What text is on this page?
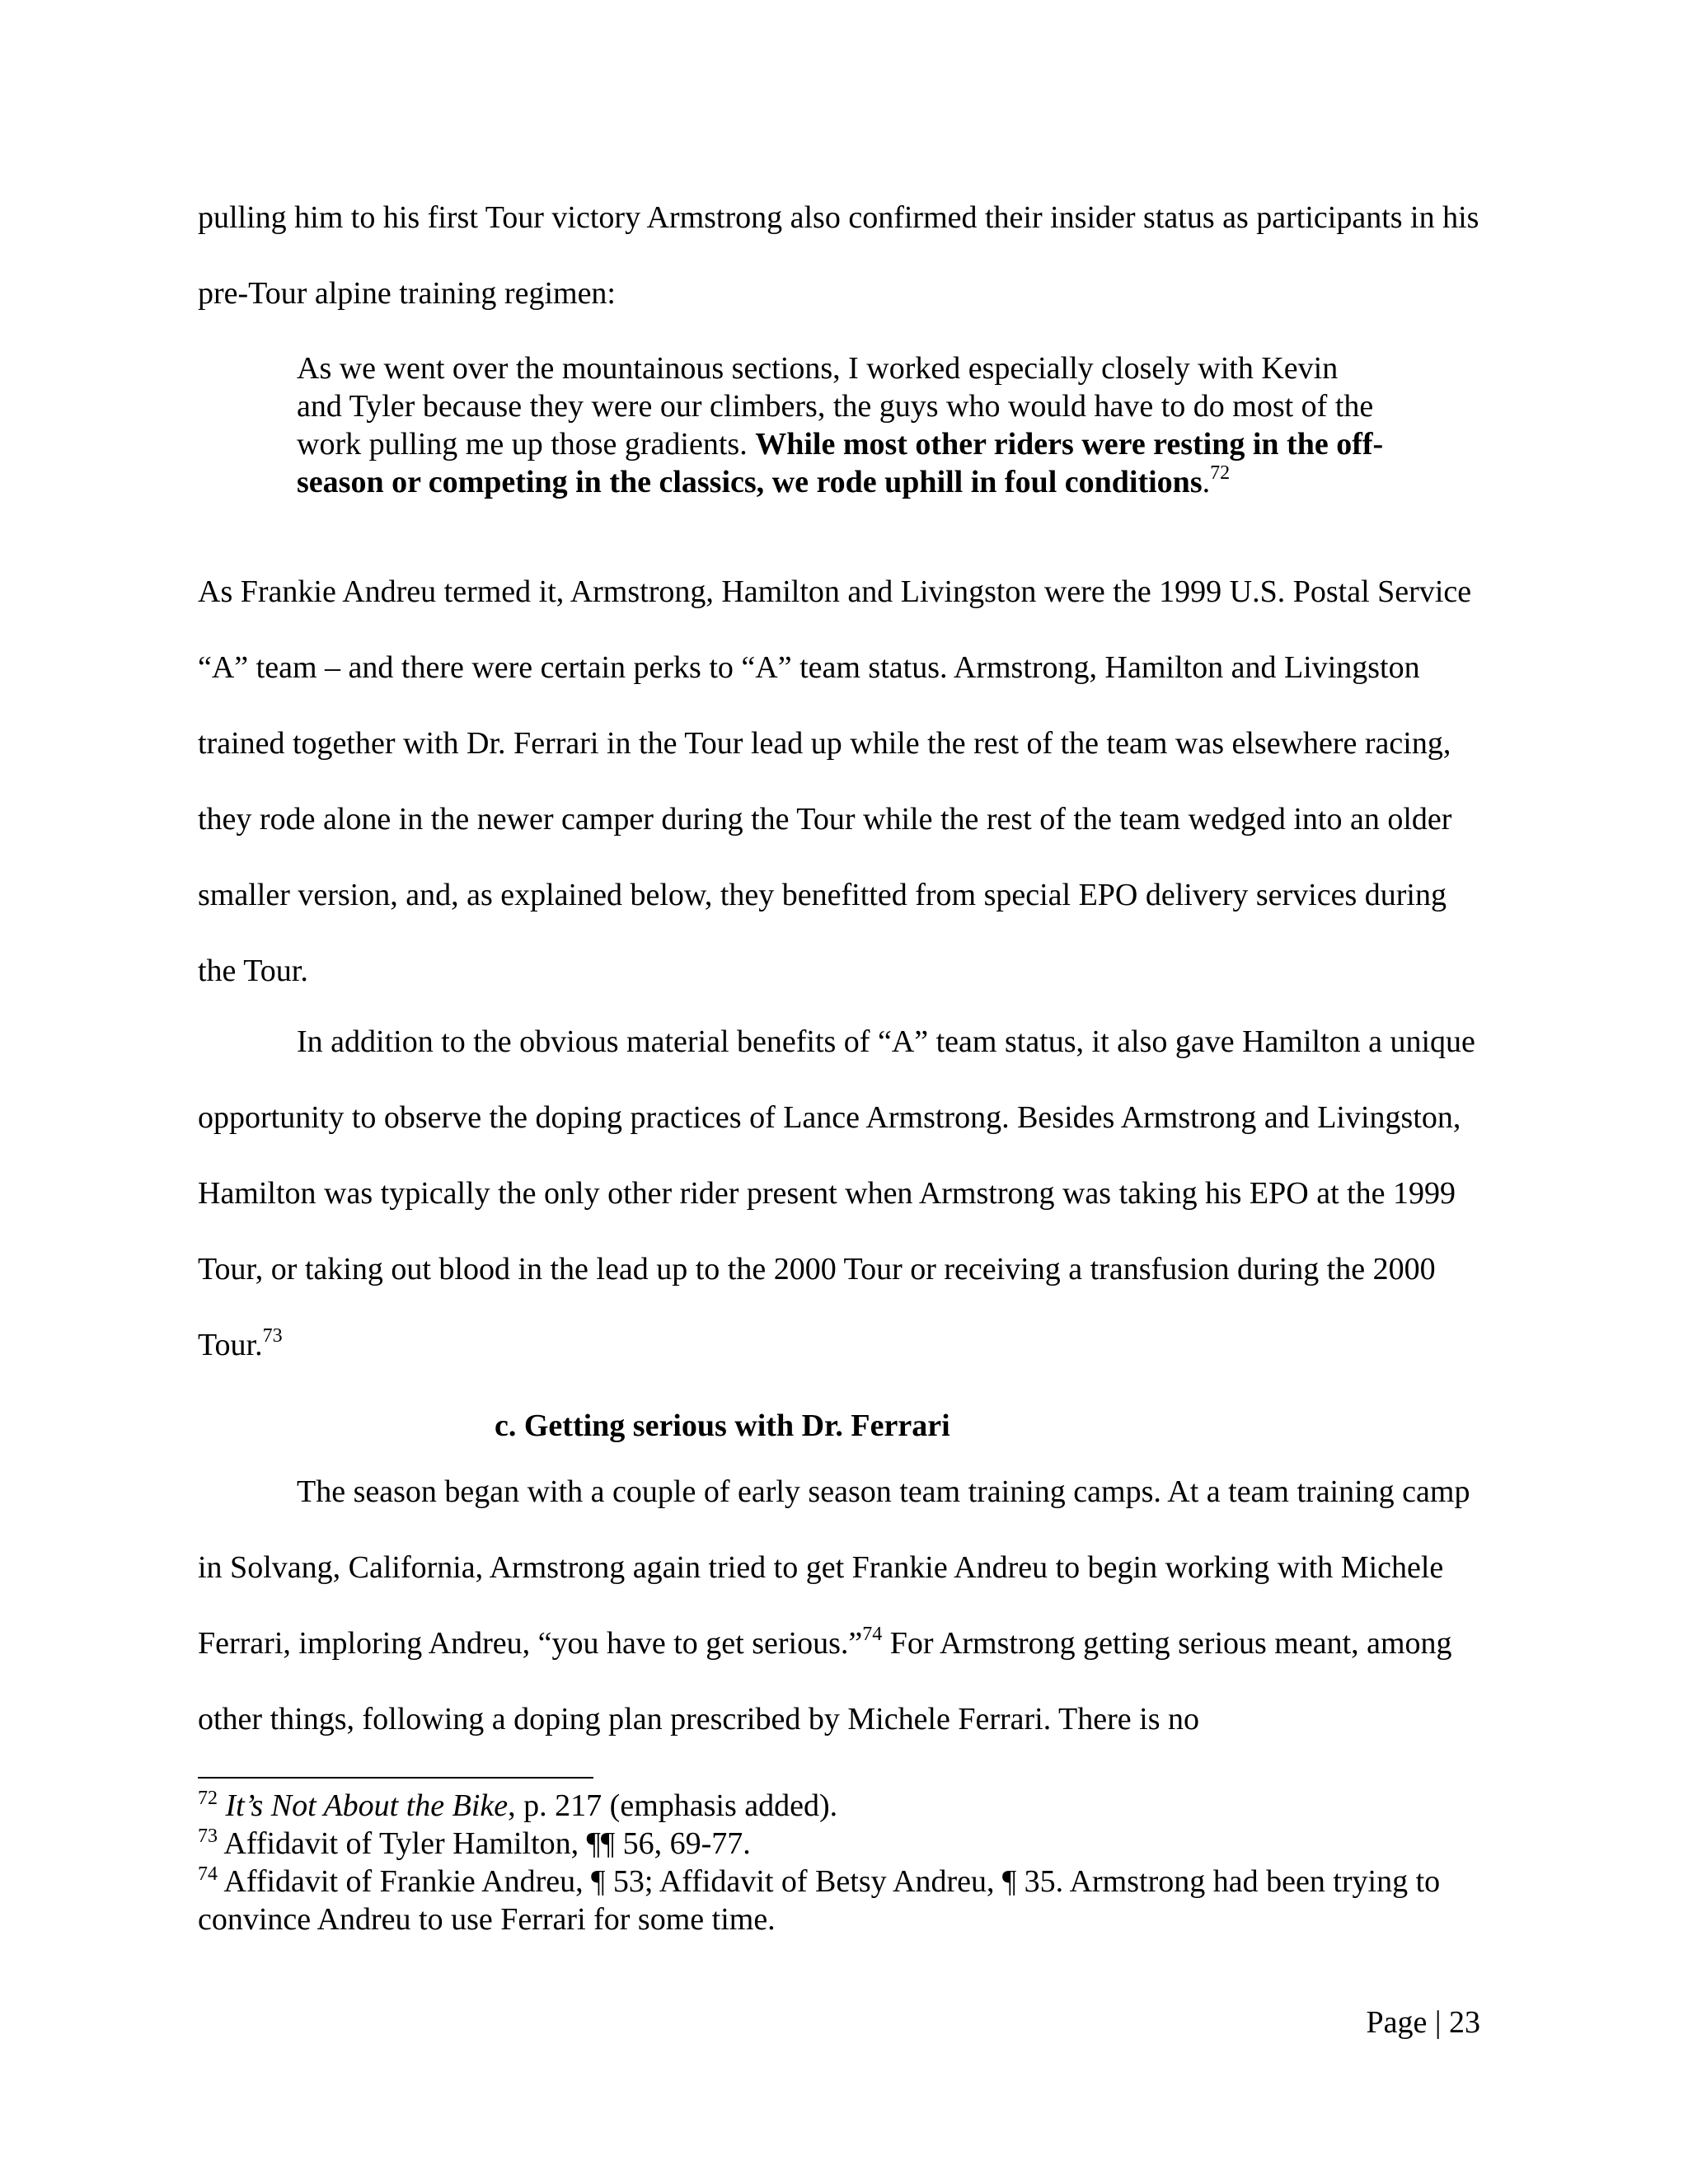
pulling him to his first Tour victory Armstrong also confirmed their insider status as participants in his pre-Tour alpine training regimen:

As we went over the mountainous sections, I worked especially closely with Kevin and Tyler because they were our climbers, the guys who would have to do most of the work pulling me up those gradients. While most other riders were resting in the off-season or competing in the classics, we rode uphill in foul conditions.$^{72}$

As Frankie Andreu termed it, Armstrong, Hamilton and Livingston were the 1999 U.S. Postal Service “A” team – and there were certain perks to “A” team status. Armstrong, Hamilton and Livingston trained together with Dr. Ferrari in the Tour lead up while the rest of the team was elsewhere racing, they rode alone in the newer camper during the Tour while the rest of the team wedged into an older smaller version, and, as explained below, they benefitted from special EPO delivery services during the Tour.

In addition to the obvious material benefits of “A” team status, it also gave Hamilton a unique opportunity to observe the doping practices of Lance Armstrong. Besides Armstrong and Livingston, Hamilton was typically the only other rider present when Armstrong was taking his EPO at the 1999 Tour, or taking out blood in the lead up to the 2000 Tour or receiving a transfusion during the 2000 Tour.$^{73}$

c. Getting serious with Dr. Ferrari

The season began with a couple of early season team training camps. At a team training camp in Solvang, California, Armstrong again tried to get Frankie Andreu to begin working with Michele Ferrari, imploring Andreu, “you have to get serious.”$^{74}$ For Armstrong getting serious meant, among other things, following a doping plan prescribed by Michele Ferrari. There is no

$^{72}$ It’s Not About the Bike, p. 217 (emphasis added).

$^{73}$ Affidavit of Tyler Hamilton, ¶¶ 56, 69-77.

$^{74}$ Affidavit of Frankie Andreu, ¶ 53; Affidavit of Betsy Andreu, ¶ 35. Armstrong had been trying to convince Andreu to use Ferrari for some time.

Page | 23
